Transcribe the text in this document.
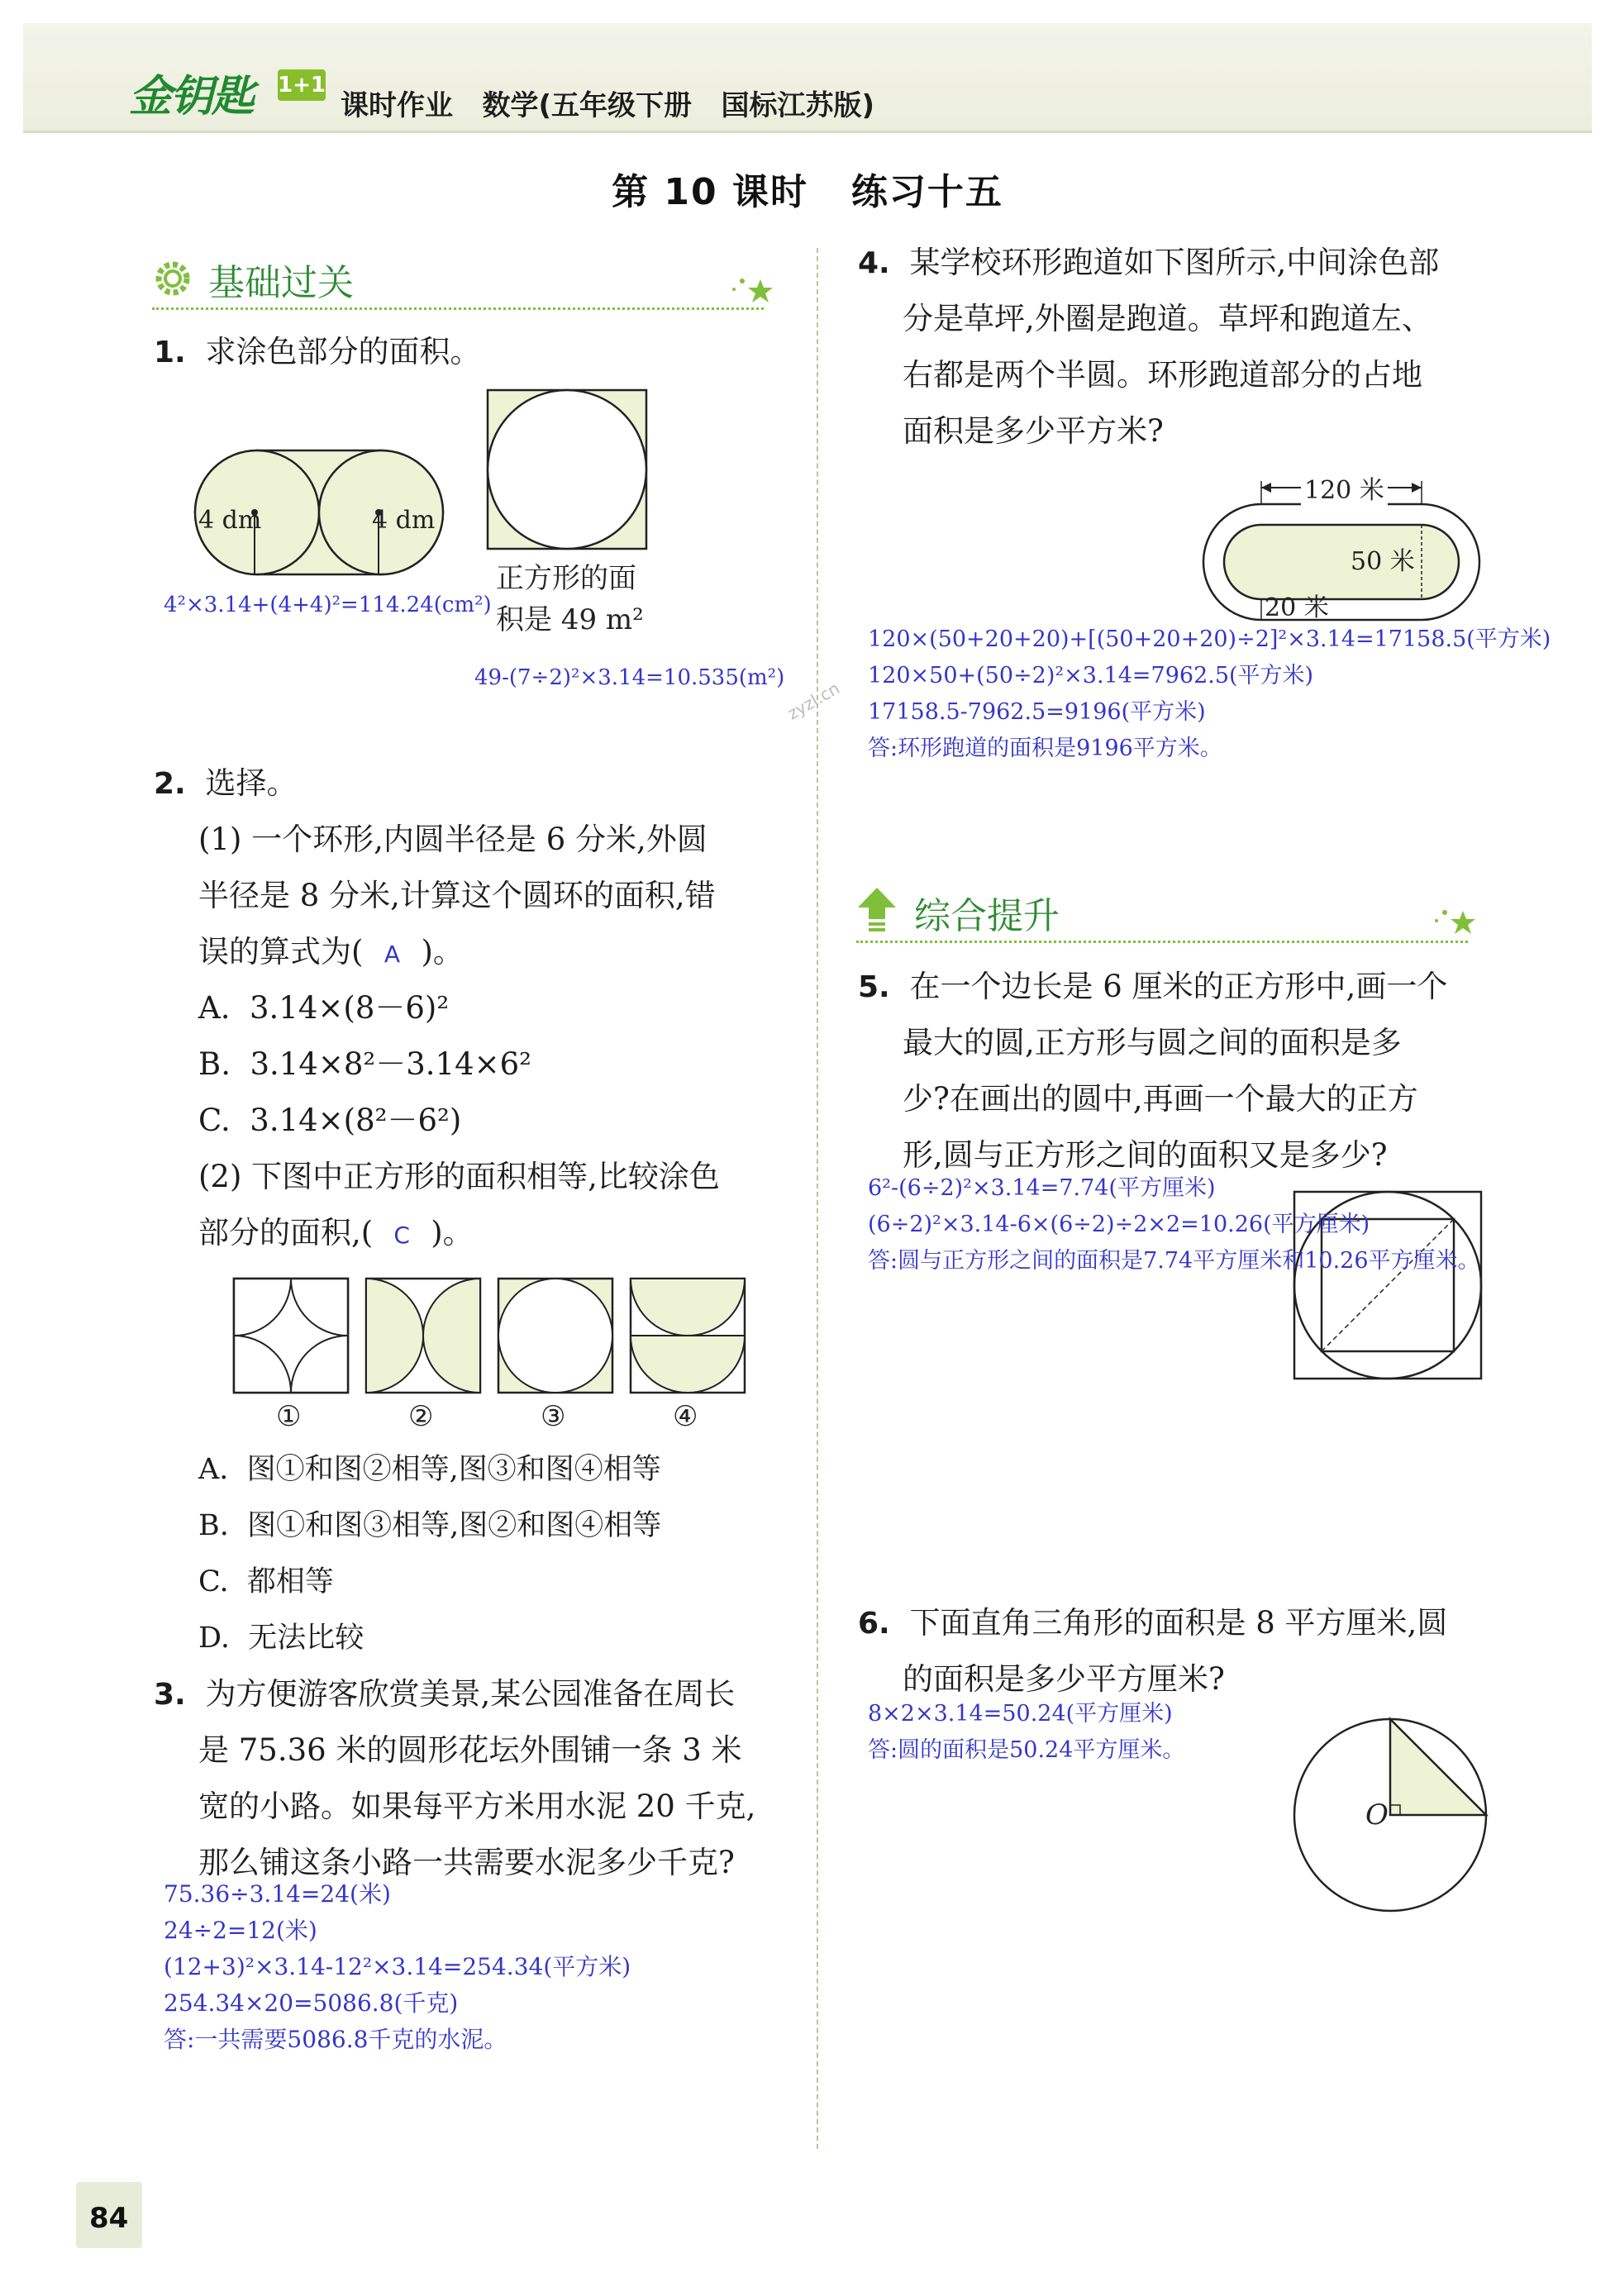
金钥匙 1+1
课时作业   数学(五年级下册   国标江苏版)
第 10 课时   练习十五
基础过关
1. 求涂色部分的面积。
4 dm	4 dm
正方形的面
积是 49 m²
4²×3.14+(4+4)²=114.24(cm²)
49-(7÷2)²×3.14=10.535(m²)
2. 选择。
(1) 一个环形,内圆半径是 6 分米,外圆
半径是 8 分米,计算这个圆环的面积,错
误的算式为( A )。
A.  3.14×(8－6)²
B.  3.14×8²－3.14×6²
C.  3.14×(8²－6²)
(2) 下图中正方形的面积相等,比较涂色
部分的面积,( C )。
①	②	③	④
A.  图①和图②相等,图③和图④相等
B.  图①和图③相等,图②和图④相等
C.  都相等
D.  无法比较
3. 为方便游客欣赏美景,某公园准备在周长
是 75.36 米的圆形花坛外围铺一条 3 米
宽的小路。如果每平方米用水泥 20 千克,
那么铺这条小路一共需要水泥多少千克?
75.36÷3.14=24(米)
24÷2=12(米)
(12+3)²×3.14-12²×3.14=254.34(平方米)
254.34×20=5086.8(千克)
答:一共需要5086.8千克的水泥。
4. 某学校环形跑道如下图所示,中间涂色部
分是草坪,外圈是跑道。草坪和跑道左、
右都是两个半圆。环形跑道部分的占地
面积是多少平方米?
120 米
50 米
20 米
120×(50+20+20)+[(50+20+20)÷2]²×3.14=17158.5(平方米)
120×50+(50÷2)²×3.14=7962.5(平方米)
17158.5-7962.5=9196(平方米)
答:环形跑道的面积是9196平方米。
zyzl.cn
综合提升
5. 在一个边长是 6 厘米的正方形中,画一个
最大的圆,正方形与圆之间的面积是多
少?在画出的圆中,再画一个最大的正方
形,圆与正方形之间的面积又是多少?
6²-(6÷2)²×3.14=7.74(平方厘米)
(6÷2)²×3.14-6×(6÷2)÷2×2=10.26(平方厘米)
答:圆与正方形之间的面积是7.74平方厘米和10.26平方厘米。
6. 下面直角三角形的面积是 8 平方厘米,圆
的面积是多少平方厘米?
8×2×3.14=50.24(平方厘米)
答:圆的面积是50.24平方厘米。
O
84
